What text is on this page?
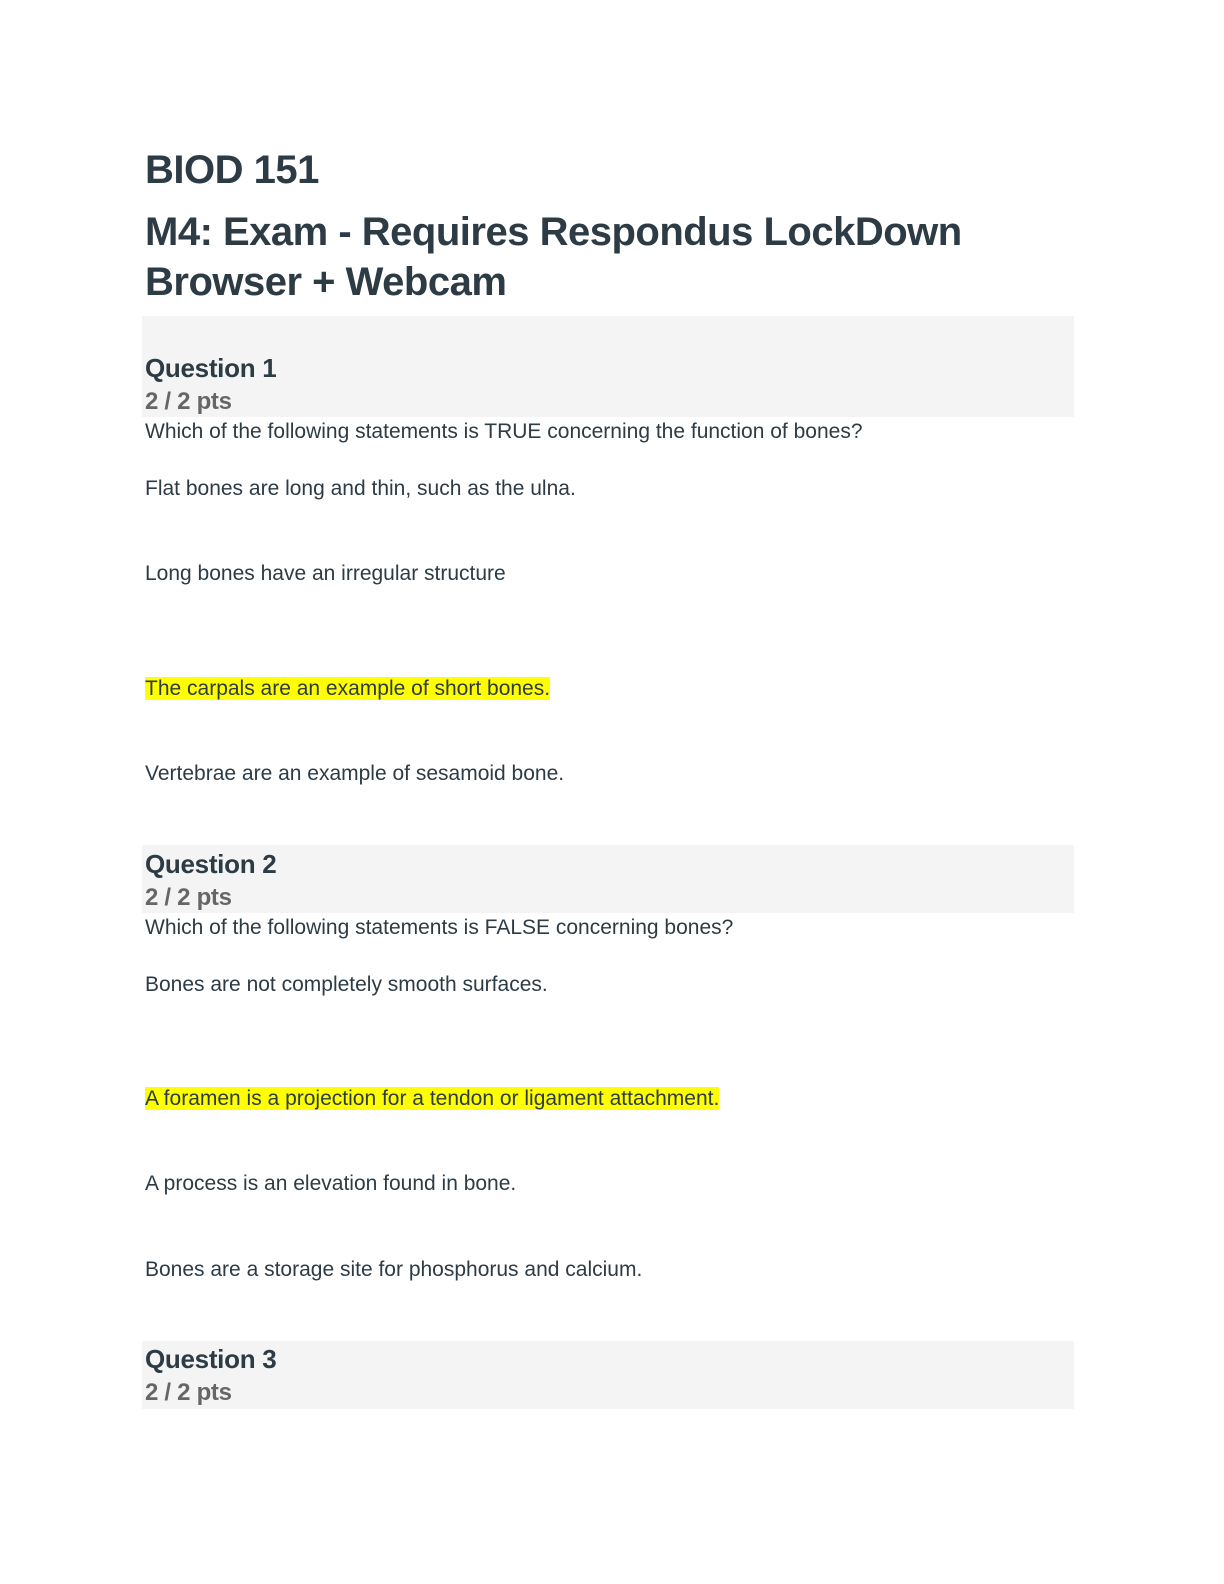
BIOD 151
M4: Exam - Requires Respondus LockDown Browser + Webcam
Question 1
2 / 2 pts
Which of the following statements is TRUE concerning the function of bones?
Flat bones are long and thin, such as the ulna.
Long bones have an irregular structure
The carpals are an example of short bones.
Vertebrae are an example of sesamoid bone.
Question 2
2 / 2 pts
Which of the following statements is FALSE concerning bones?
Bones are not completely smooth surfaces.
A foramen is a projection for a tendon or ligament attachment.
A process is an elevation found in bone.
Bones are a storage site for phosphorus and calcium.
Question 3
2 / 2 pts
